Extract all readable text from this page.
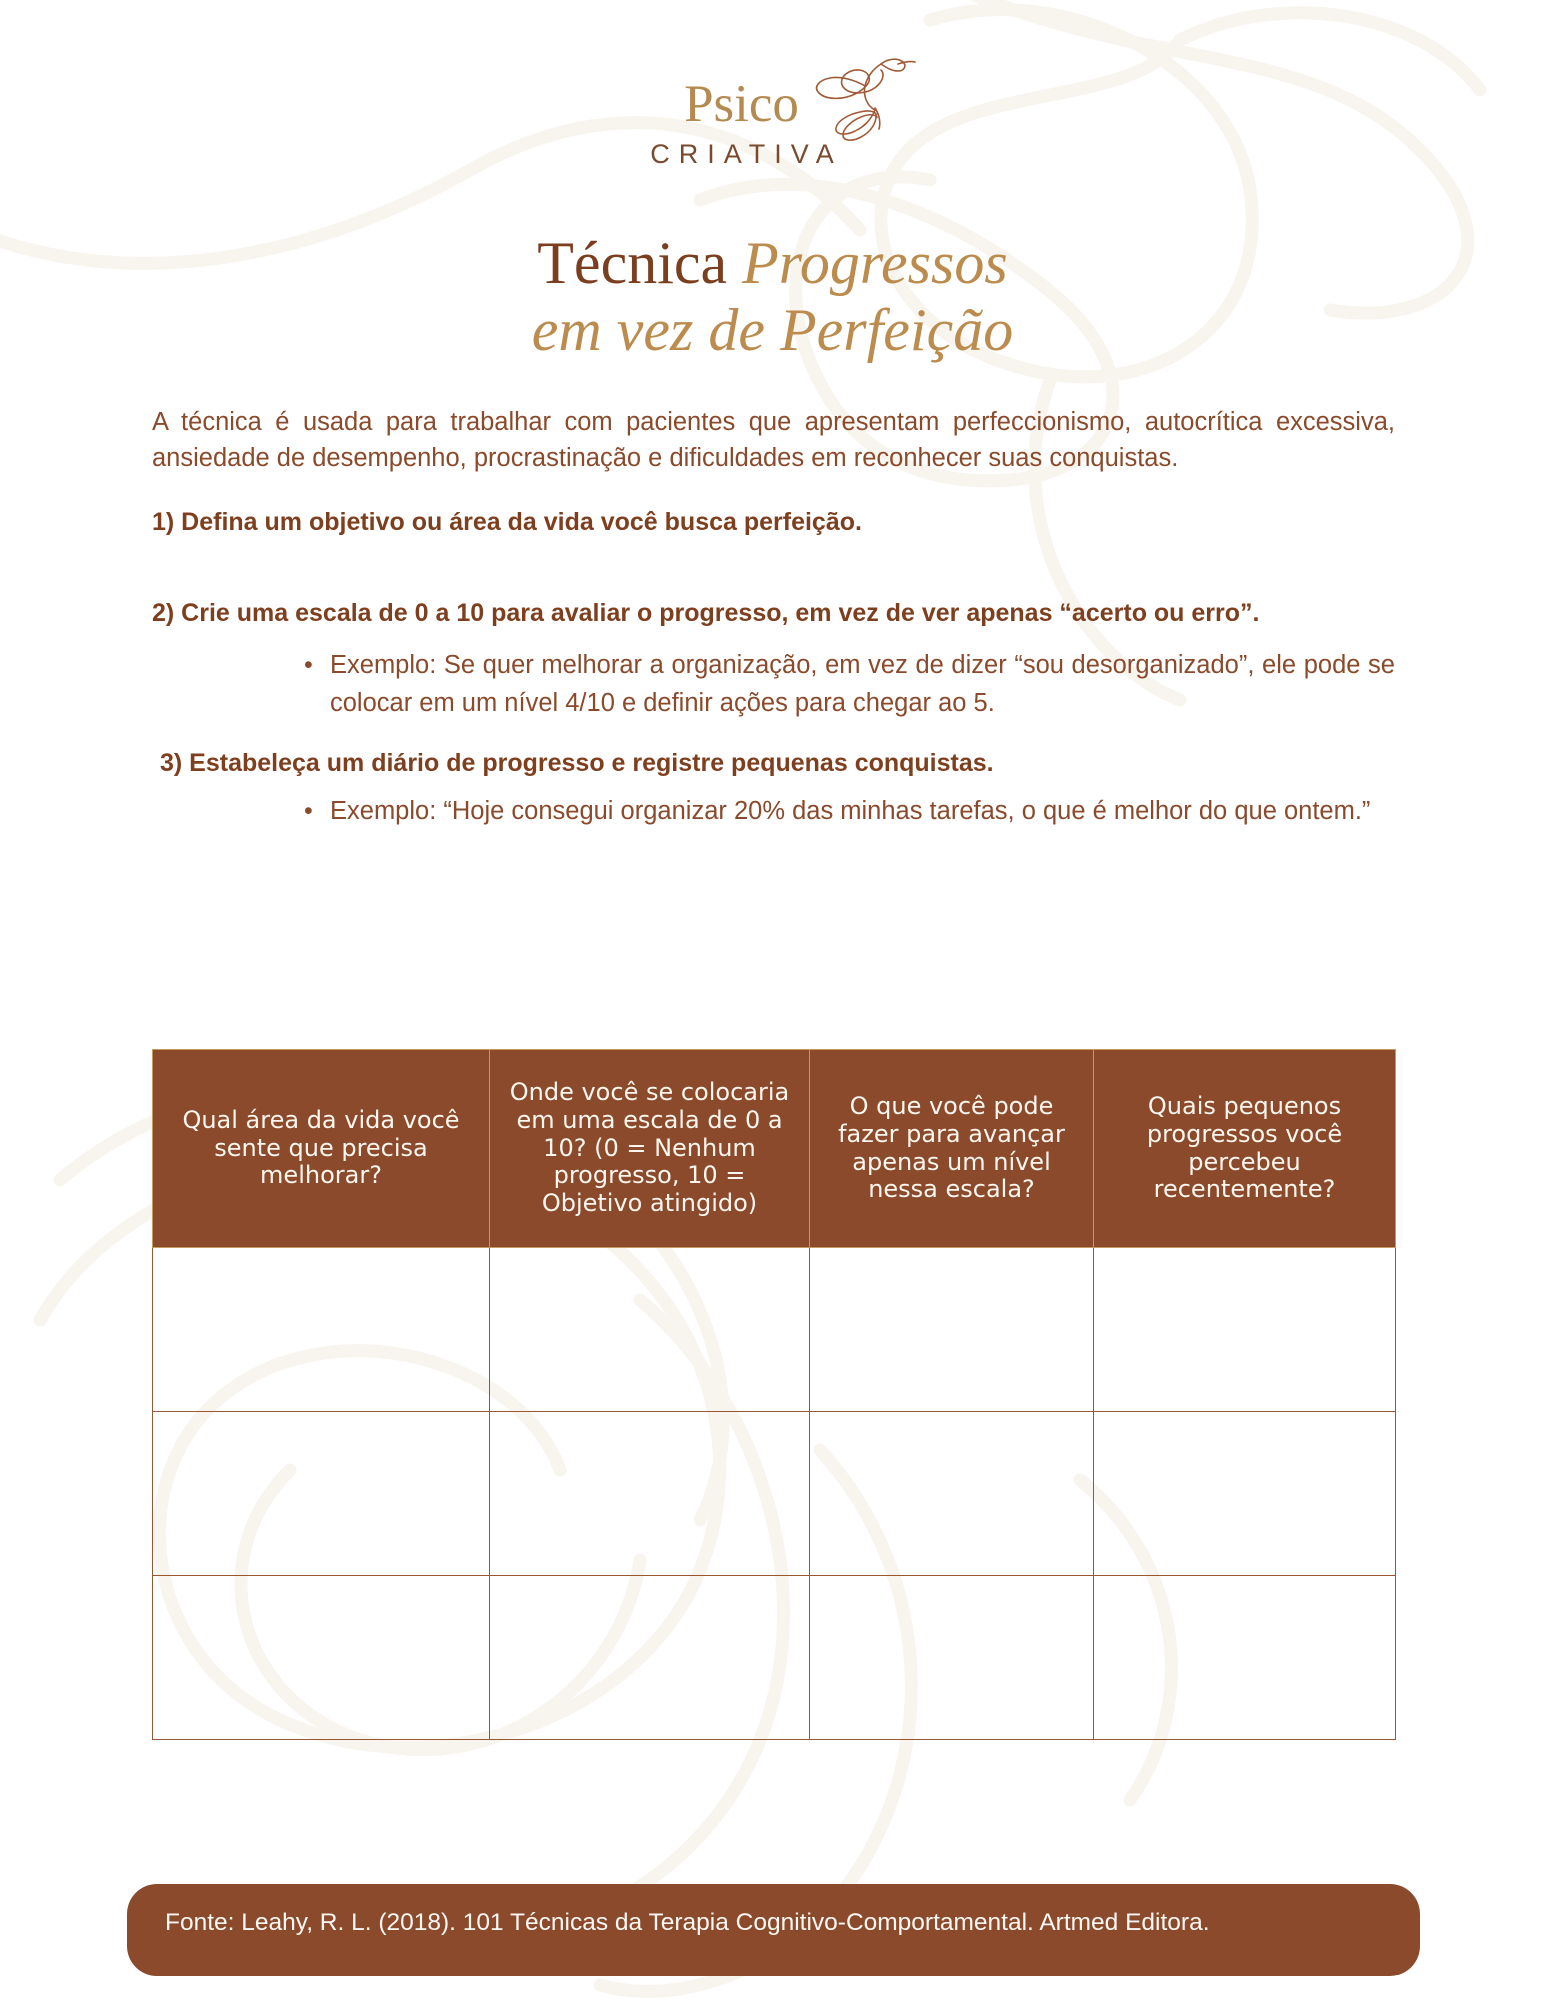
Psico
CRIATIVA
Técnica Progressos
em vez de Perfeição

A técnica é usada para trabalhar com pacientes que apresentam perfeccionismo, autocrítica excessiva, ansiedade de desempenho, procrastinação e dificuldades em reconhecer suas conquistas.

1) Defina um objetivo ou área da vida você busca perfeição.

2) Crie uma escala de 0 a 10 para avaliar o progresso, em vez de ver apenas “acerto ou erro”.

• Exemplo: Se quer melhorar a organização, em vez de dizer “sou desorganizado”, ele pode se colocar em um nível 4/10 e definir ações para chegar ao 5.

3) Estabeleça um diário de progresso e registre pequenas conquistas.

• Exemplo: “Hoje consegui organizar 20% das minhas tarefas, o que é melhor do que ontem.”
Qual área da vida você sente que precisa melhorar?	Onde você se colocaria em uma escala de 0 a 10? (0 = Nenhum progresso, 10 = Objetivo atingido)	O que você pode fazer para avançar apenas um nível nessa escala?	Quais pequenos progressos você percebeu recentemente?

Fonte: Leahy, R. L. (2018). 101 Técnicas da Terapia Cognitivo-Comportamental. Artmed Editora.
